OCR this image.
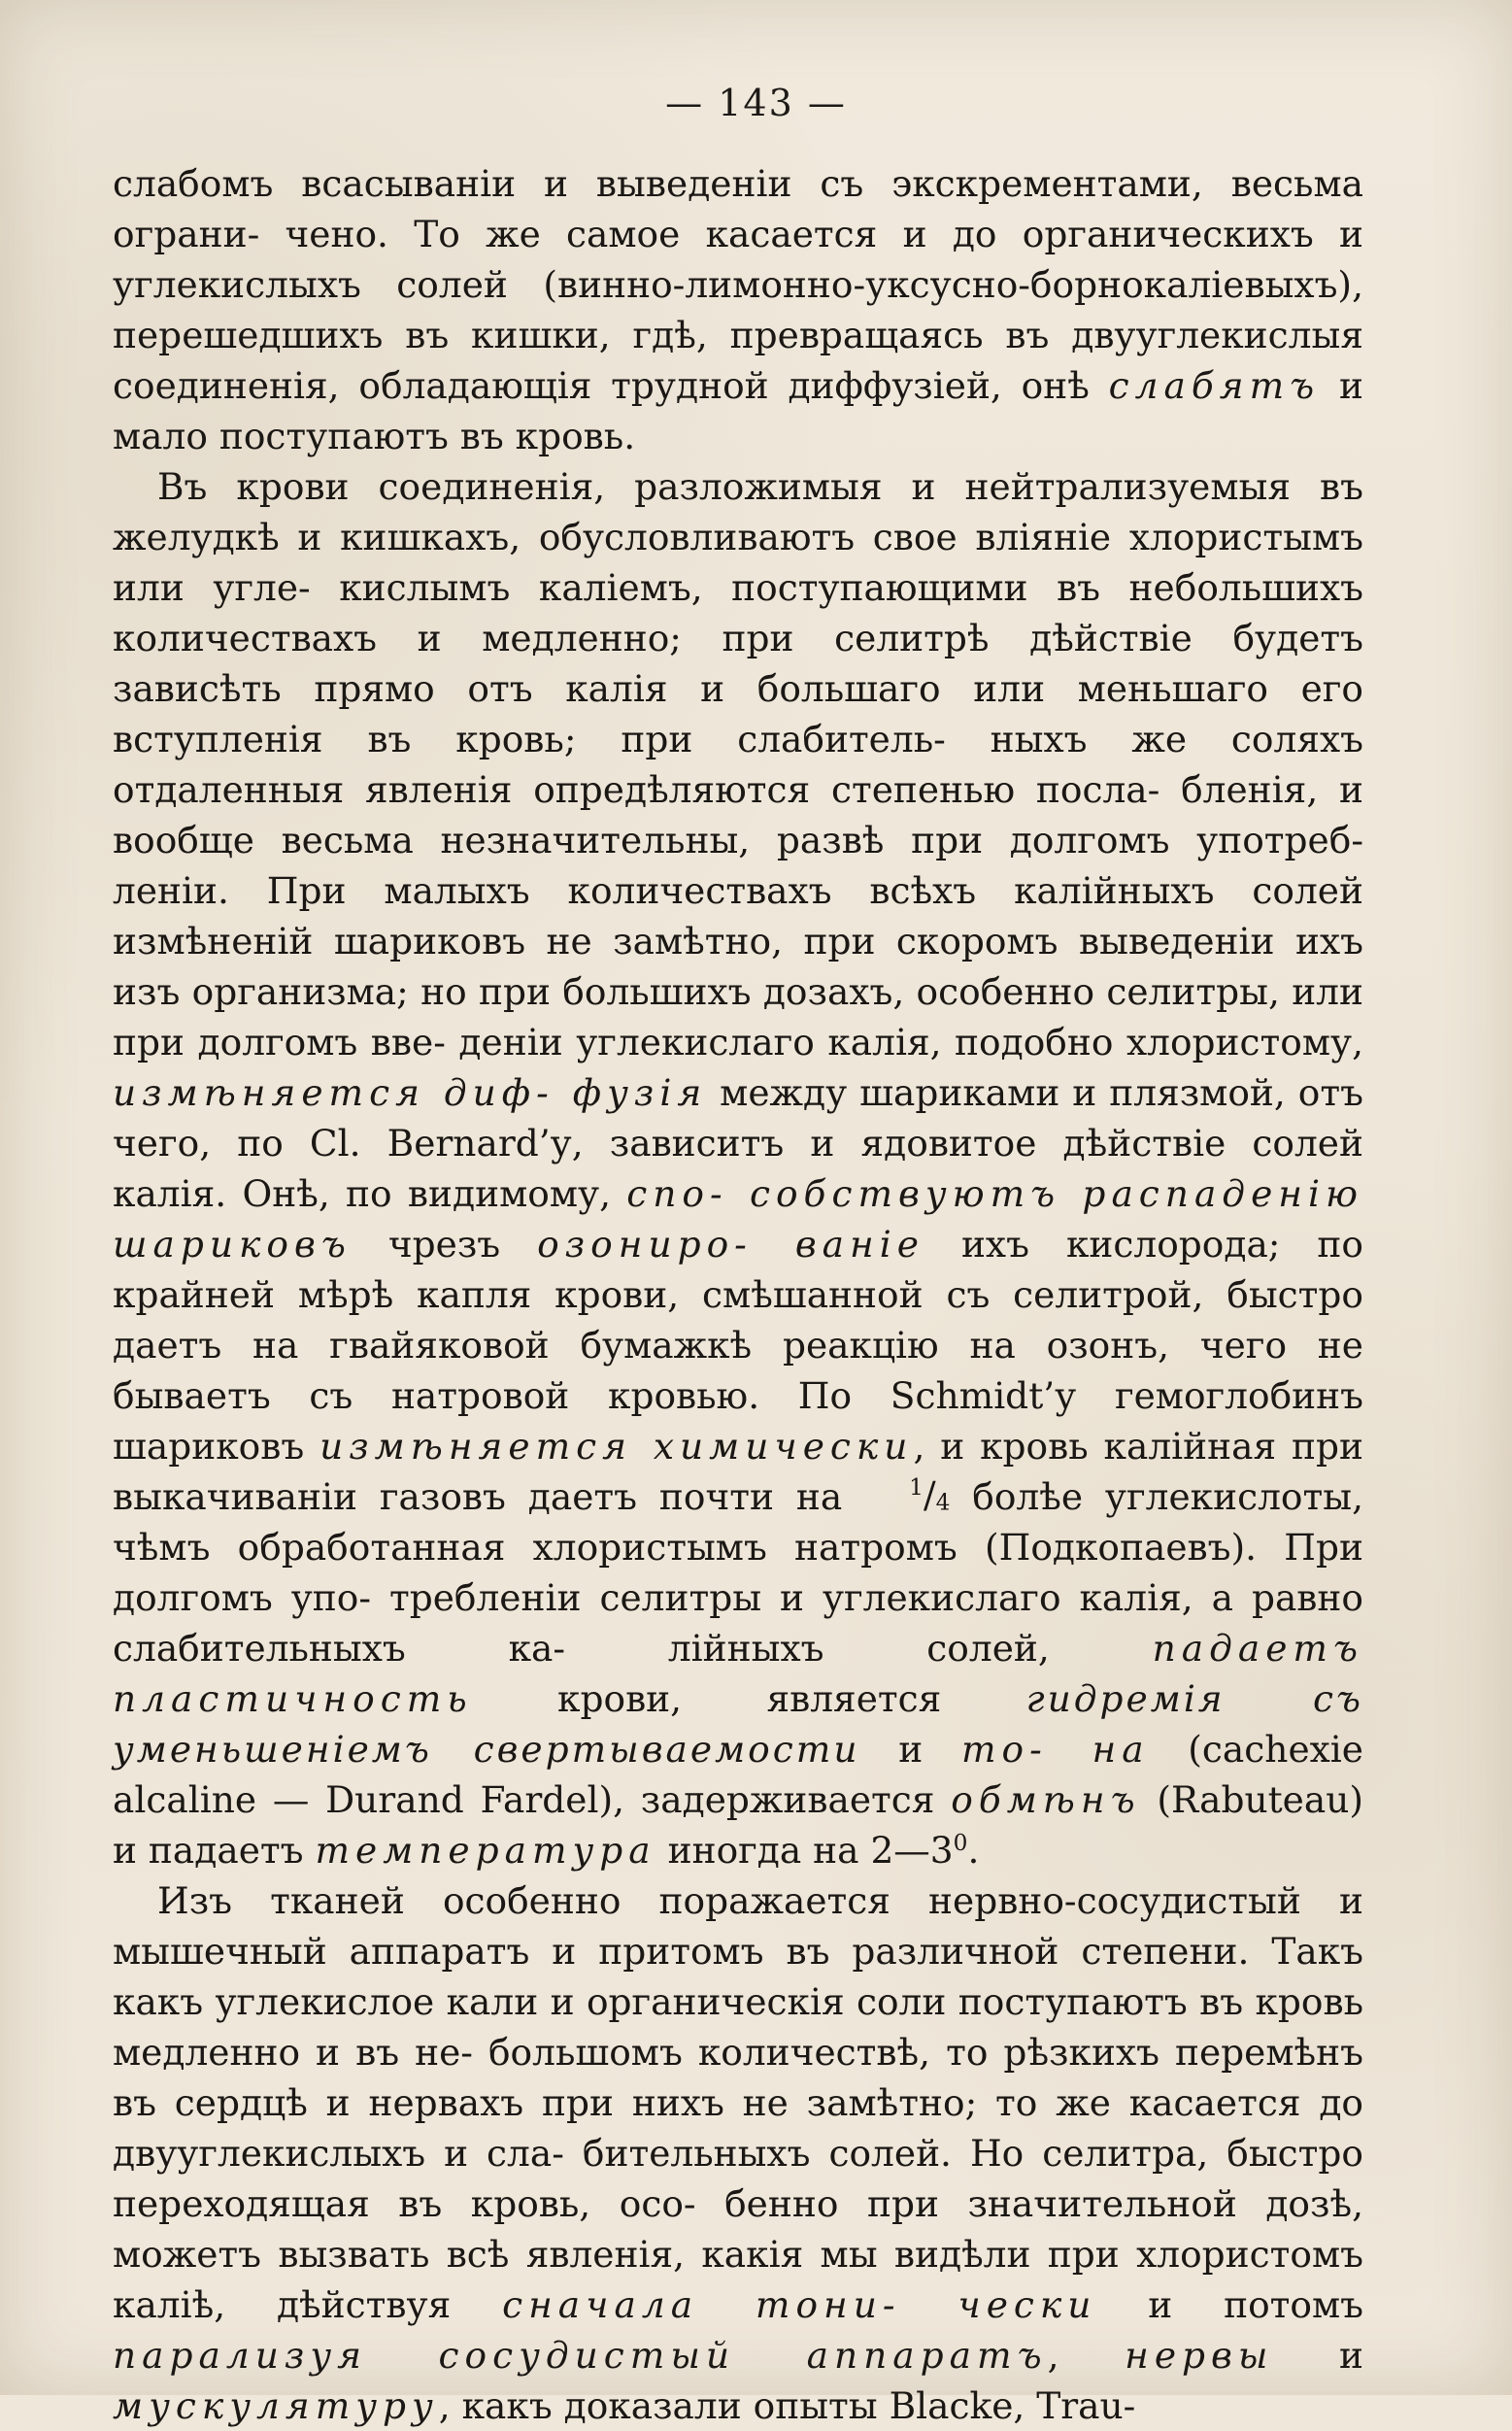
— 143 —

слабомъ всасываніи и выведеніи съ экскрементами, весьма ограни- чено. То же самое касается и до органическихъ и углекислыхъ солей (винно-лимонно-уксусно-борнокаліевыхъ), перешедшихъ въ кишки, гдѣ, превращаясь въ двууглекислыя соединенія, обладающія трудной диффузіей, онѣ слабятъ и мало поступаютъ въ кровь.

Въ крови соединенія, разложимыя и нейтрализуемыя въ желудкѣ и кишкахъ, обусловливаютъ свое вліяніе хлористымъ или угле- кислымъ каліемъ, поступающими въ небольшихъ количествахъ и медленно; при селитрѣ дѣйствіе будетъ зависѣть прямо отъ калія и большаго или меньшаго его вступленія въ кровь; при слабитель- ныхъ же соляхъ отдаленныя явленія опредѣляются степенью посла- бленія, и вообще весьма незначительны, развѣ при долгомъ употреб- леніи. При малыхъ количествахъ всѣхъ калійныхъ солей измѣненій шариковъ не замѣтно, при скоромъ выведеніи ихъ изъ организма; но при большихъ дозахъ, особенно селитры, или при долгомъ вве- деніи углекислаго калія, подобно хлористому, измѣняется диф- фузія между шариками и плязмой, отъ чего, по Cl. Bernard’у, зависитъ и ядовитое дѣйствіе солей калія. Онѣ, по видимому, спо- собствуютъ распаденію шариковъ чрезъ озониро- ваніе ихъ кислорода; по крайней мѣрѣ капля крови, смѣшанной съ селитрой, быстро даетъ на гвайяковой бумажкѣ реакцію на озонъ, чего не бываетъ съ натровой кровью. По Schmidt’у гемоглобинъ шариковъ измѣняется химически, и кровь калійная при выкачиваніи газовъ даетъ почти на $^1$/4 болѣе углекислоты, чѣмъ обработанная хлористымъ натромъ (Подкопаевъ). При долгомъ упо- требленіи селитры и углекислаго калія, а равно слабительныхъ ка- лійныхъ солей, падаетъ пластичность крови, является гидремія съ уменьшеніемъ свертываемости и то- на (cachexie alcaline — Durand Fardel), задерживается обмѣнъ (Rabuteau) и падаетъ температура иногда на $2—3^0$.

Изъ тканей особенно поражается нервно-сосудистый и мышечный аппаратъ и притомъ въ различной степени. Такъ какъ углекислое кали и органическія соли поступаютъ въ кровь медленно и въ не- большомъ количествѣ, то рѣзкихъ перемѣнъ въ сердцѣ и нервахъ при нихъ не замѣтно; то же касается до двууглекислыхъ и сла- бительныхъ солей. Но селитра, быстро переходящая въ кровь, осо- бенно при значительной дозѣ, можетъ вызвать всѣ явленія, какія мы видѣли при хлористомъ каліѣ, дѣйствуя сначала тони- чески и потомъ парализуя сосудистый аппаратъ, нервы и мускулятуру, какъ доказали опыты Blacke, Trau-
